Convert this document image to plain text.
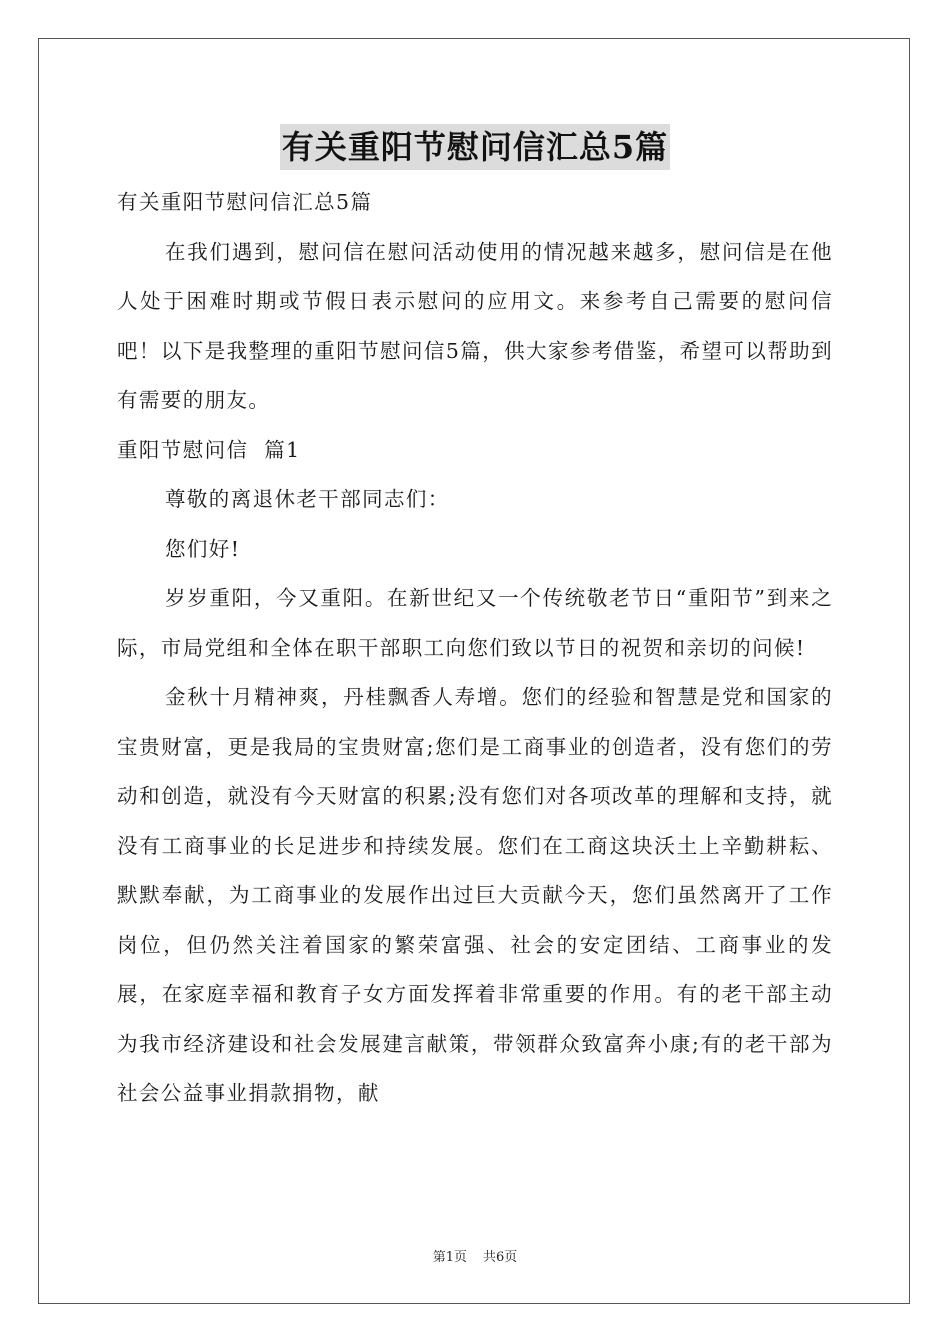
有关重阳节慰问信汇总5篇

有关重阳节慰问信汇总5篇

在我们遇到，慰问信在慰问活动使用的情况越来越多，慰问信是在他人处于困难时期或节假日表示慰问的应用文。来参考自己需要的慰问信吧！以下是我整理的重阳节慰问信5篇，供大家参考借鉴，希望可以帮助到有需要的朋友。

重阳节慰问信  篇1

尊敬的离退休老干部同志们：

您们好!

岁岁重阳，今又重阳。在新世纪又一个传统敬老节日“重阳节”到来之际，市局党组和全体在职干部职工向您们致以节日的祝贺和亲切的问候!

金秋十月精神爽，丹桂飘香人寿增。您们的经验和智慧是党和国家的宝贵财富，更是我局的宝贵财富;您们是工商事业的创造者，没有您们的劳动和创造，就没有今天财富的积累;没有您们对各项改革的理解和支持，就没有工商事业的长足进步和持续发展。您们在工商这块沃土上辛勤耕耘、默默奉献，为工商事业的发展作出过巨大贡献今天，您们虽然离开了工作岗位，但仍然关注着国家的繁荣富强、社会的安定团结、工商事业的发展，在家庭幸福和教育子女方面发挥着非常重要的作用。有的老干部主动为我市经济建设和社会发展建言献策，带领群众致富奔小康;有的老干部为社会公益事业捐款捐物，献

第1页 共6页
